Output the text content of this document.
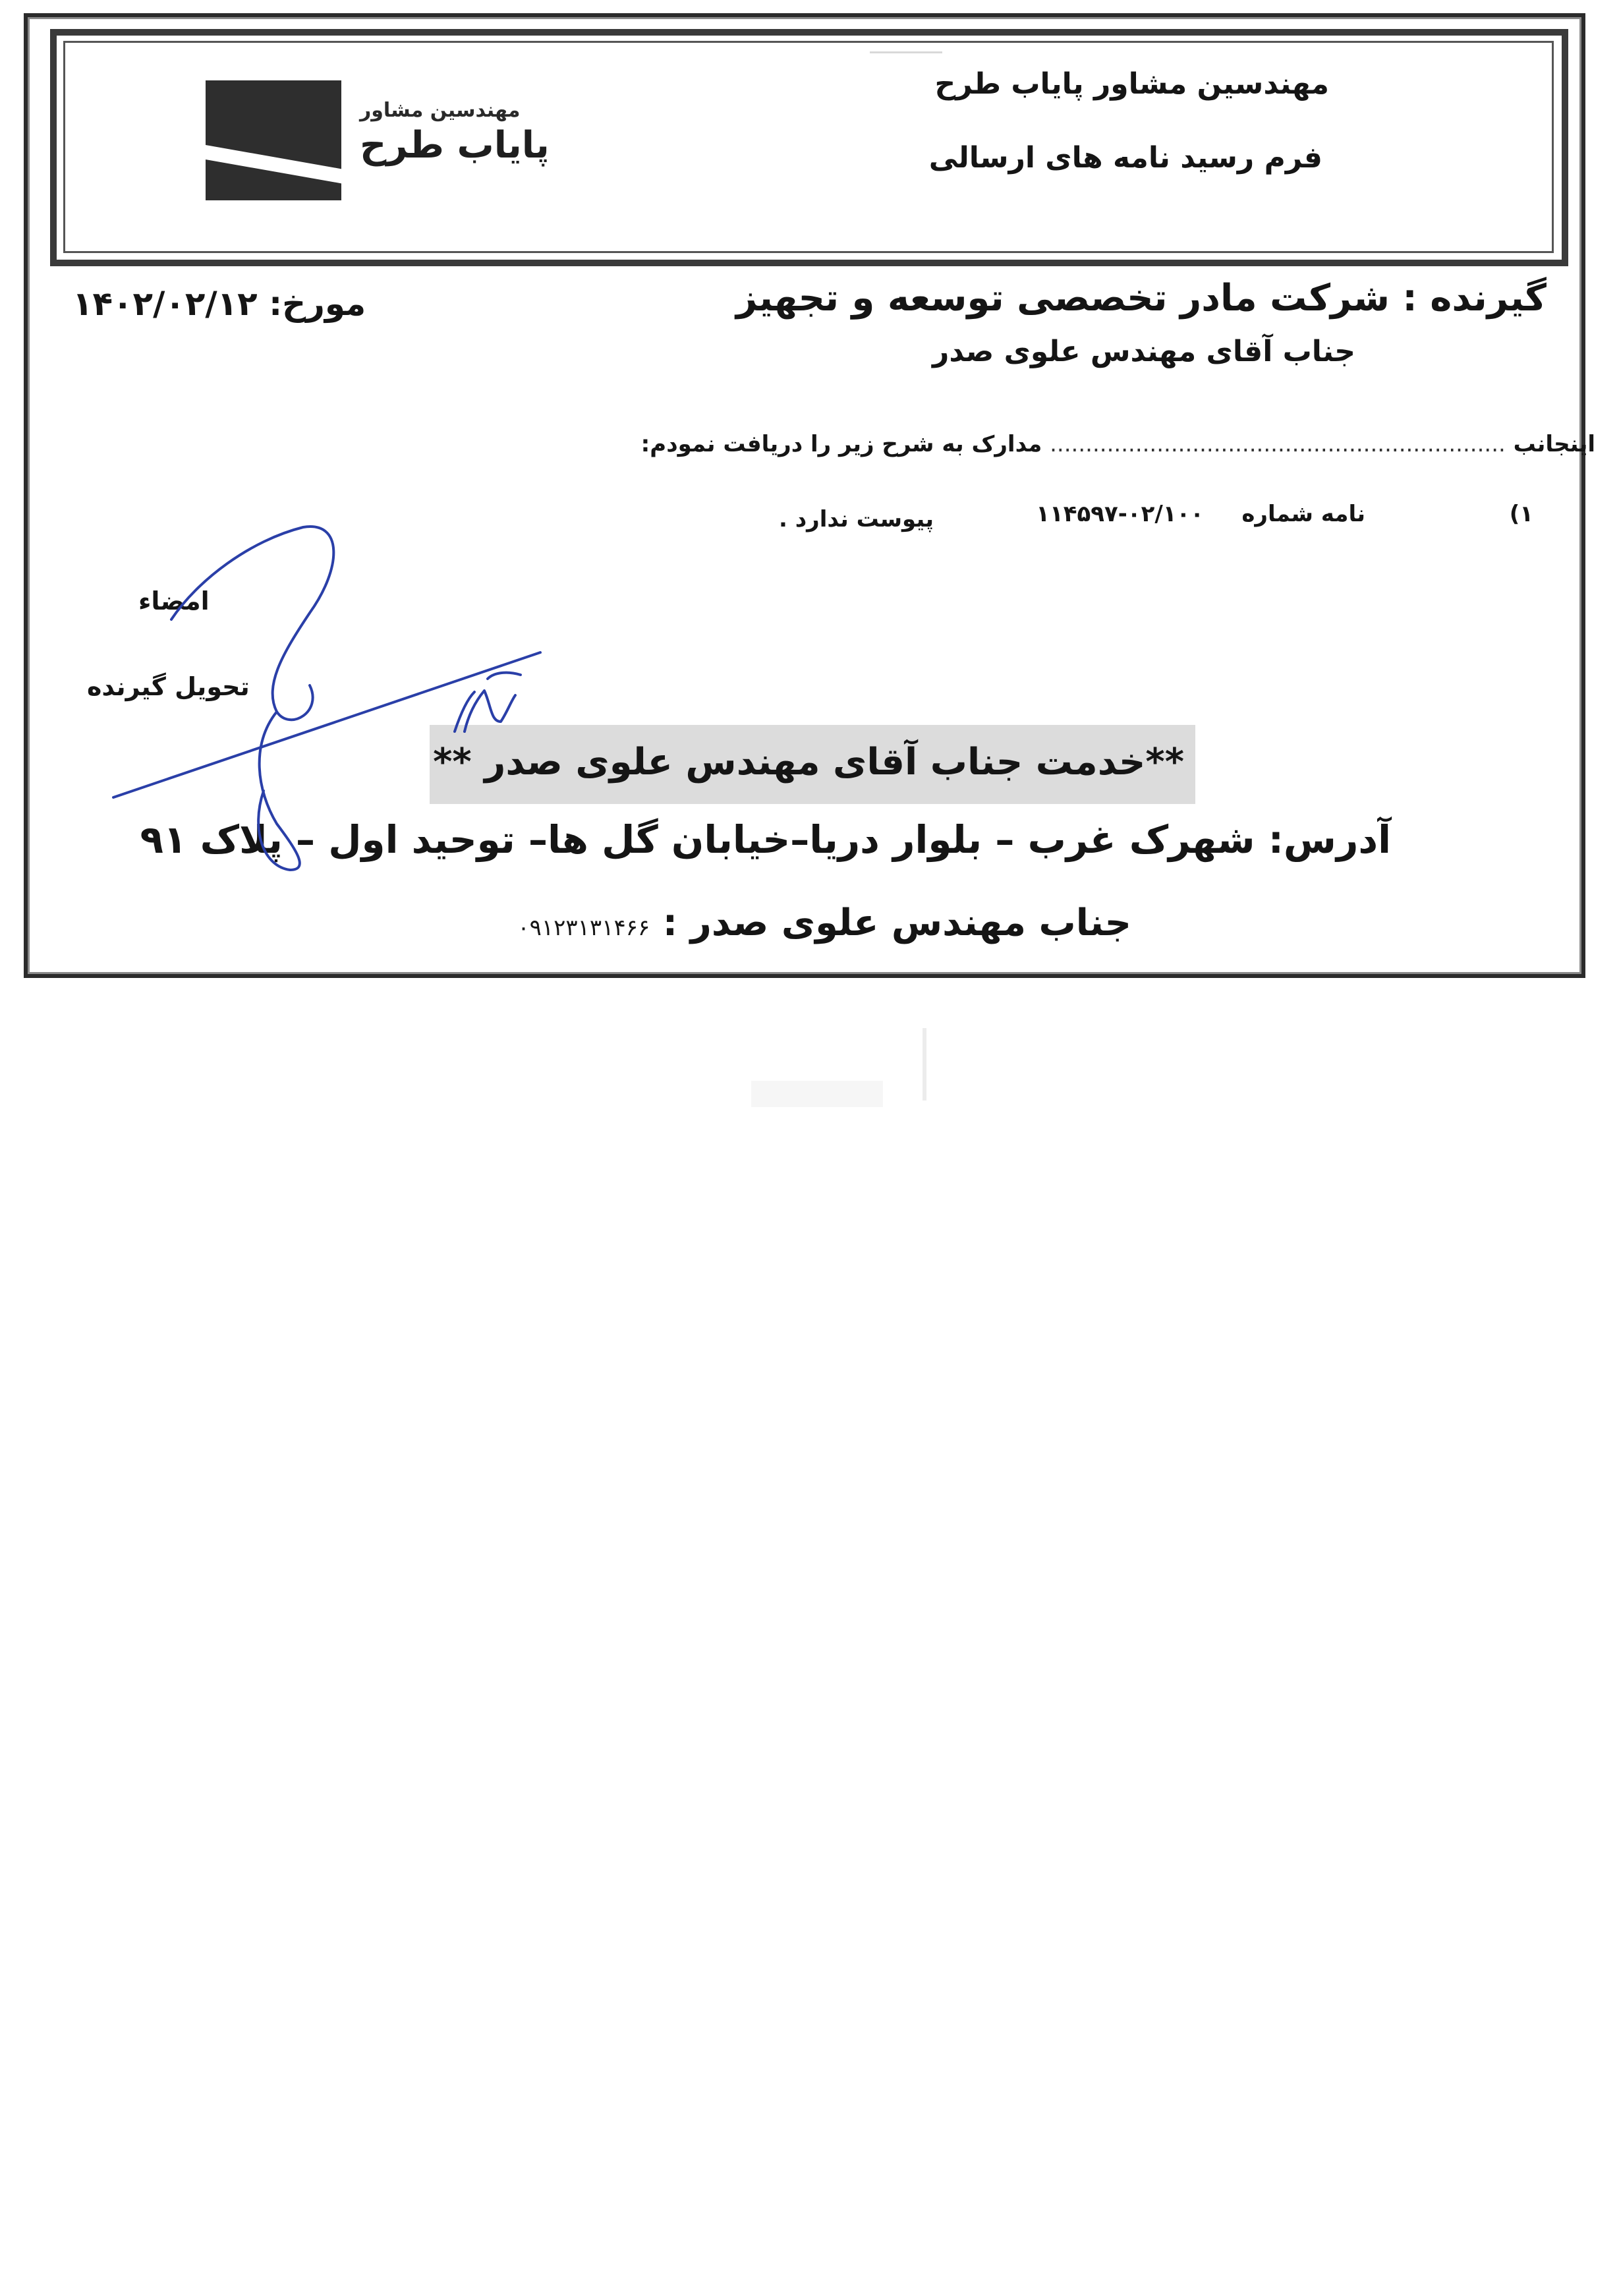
مهندسین مشاور
پایاب طرح
مهندسین مشاور پایاب طرح
فرم رسید نامه های ارسالی
گیرنده : شرکت مادر تخصصی توسعه و تجهیز
مورخ: ۱۴۰۲/۰۲/۱۲
جناب آقای مهندس علوی صدر
اینجانب ................................................................ مدارک به شرح زیر را دریافت نمودم:
(۱
نامه شماره
۱۱۴۵۹۷-۰۲/۱۰۰
پیوست ندارد .
امضاء
تحویل گیرنده
**خدمت جناب آقای مهندس علوی صدر **
آدرس: شهرک غرب – بلوار دریا–خیابان گل ها– توحید اول – پلاک ۹۱
جناب مهندس علوی صدر : ۰۹۱۲۳۱۳۱۴۶۶
